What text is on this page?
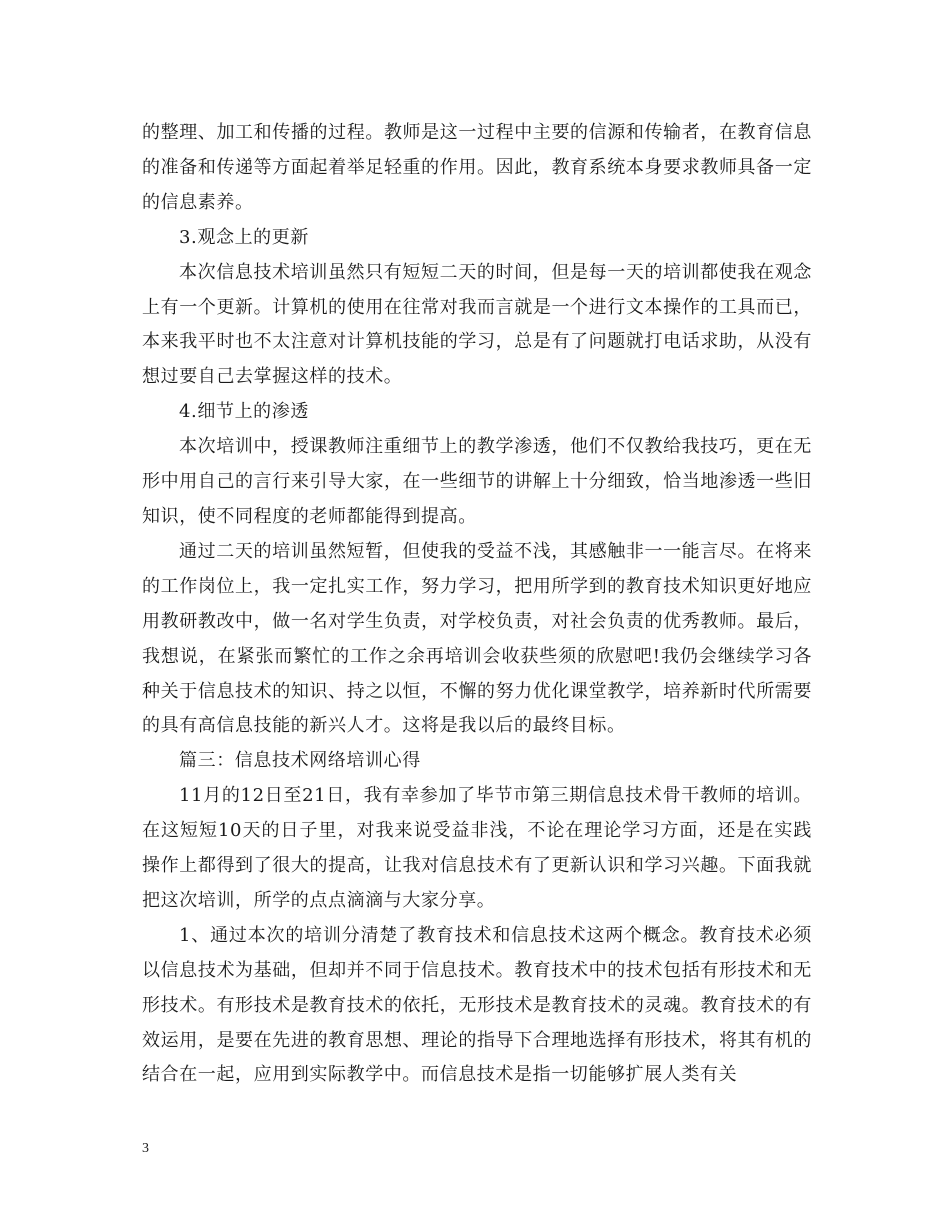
的整理、加工和传播的过程。教师是这一过程中主要的信源和传输者，在教育信息的准备和传递等方面起着举足轻重的作用。因此，教育系统本身要求教师具备一定的信息素养。

3.观念上的更新

本次信息技术培训虽然只有短短二天的时间，但是每一天的培训都使我在观念上有一个更新。计算机的使用在往常对我而言就是一个进行文本操作的工具而已，本来我平时也不太注意对计算机技能的学习，总是有了问题就打电话求助，从没有想过要自己去掌握这样的技术。

4.细节上的渗透

本次培训中，授课教师注重细节上的教学渗透，他们不仅教给我技巧，更在无形中用自己的言行来引导大家，在一些细节的讲解上十分细致，恰当地渗透一些旧知识，使不同程度的老师都能得到提高。

通过二天的培训虽然短暂，但使我的受益不浅，其感触非一一能言尽。在将来的工作岗位上，我一定扎实工作，努力学习，把用所学到的教育技术知识更好地应用教研教改中，做一名对学生负责，对学校负责，对社会负责的优秀教师。最后，我想说，在紧张而繁忙的工作之余再培训会收获些须的欣慰吧!我仍会继续学习各种关于信息技术的知识、持之以恒，不懈的努力优化课堂教学，培养新时代所需要的具有高信息技能的新兴人才。这将是我以后的最终目标。

篇三：信息技术网络培训心得

11月的12日至21日，我有幸参加了毕节市第三期信息技术骨干教师的培训。在这短短10天的日子里，对我来说受益非浅，不论在理论学习方面，还是在实践操作上都得到了很大的提高，让我对信息技术有了更新认识和学习兴趣。下面我就把这次培训，所学的点点滴滴与大家分享。

1、通过本次的培训分清楚了教育技术和信息技术这两个概念。教育技术必须以信息技术为基础，但却并不同于信息技术。教育技术中的技术包括有形技术和无形技术。有形技术是教育技术的依托，无形技术是教育技术的灵魂。教育技术的有效运用，是要在先进的教育思想、理论的指导下合理地选择有形技术，将其有机的结合在一起，应用到实际教学中。而信息技术是指一切能够扩展人类有关

3
